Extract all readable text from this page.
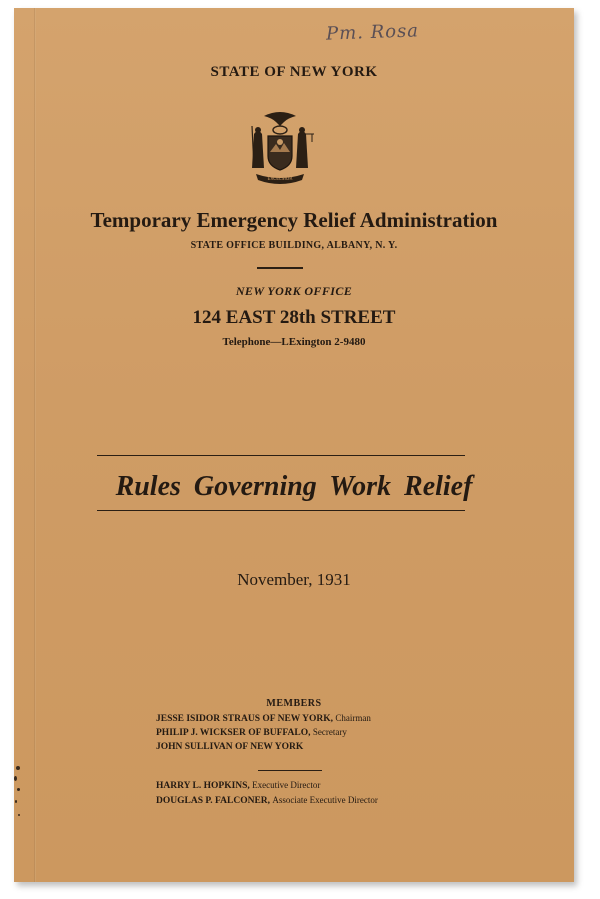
Pm. Rosa
STATE OF NEW YORK
EXCELSIOR
Temporary Emergency Relief Administration
STATE OFFICE BUILDING, ALBANY, N. Y.
NEW YORK OFFICE
124 EAST 28th STREET
Telephone—LExington 2-9480
Rules Governing Work Relief
November, 1931
MEMBERS
JESSE ISIDOR STRAUS OF NEW YORK, Chairman
PHILIP J. WICKSER OF BUFFALO, Secretary
JOHN SULLIVAN OF NEW YORK
HARRY L. HOPKINS, Executive Director
DOUGLAS P. FALCONER, Associate Executive Director
